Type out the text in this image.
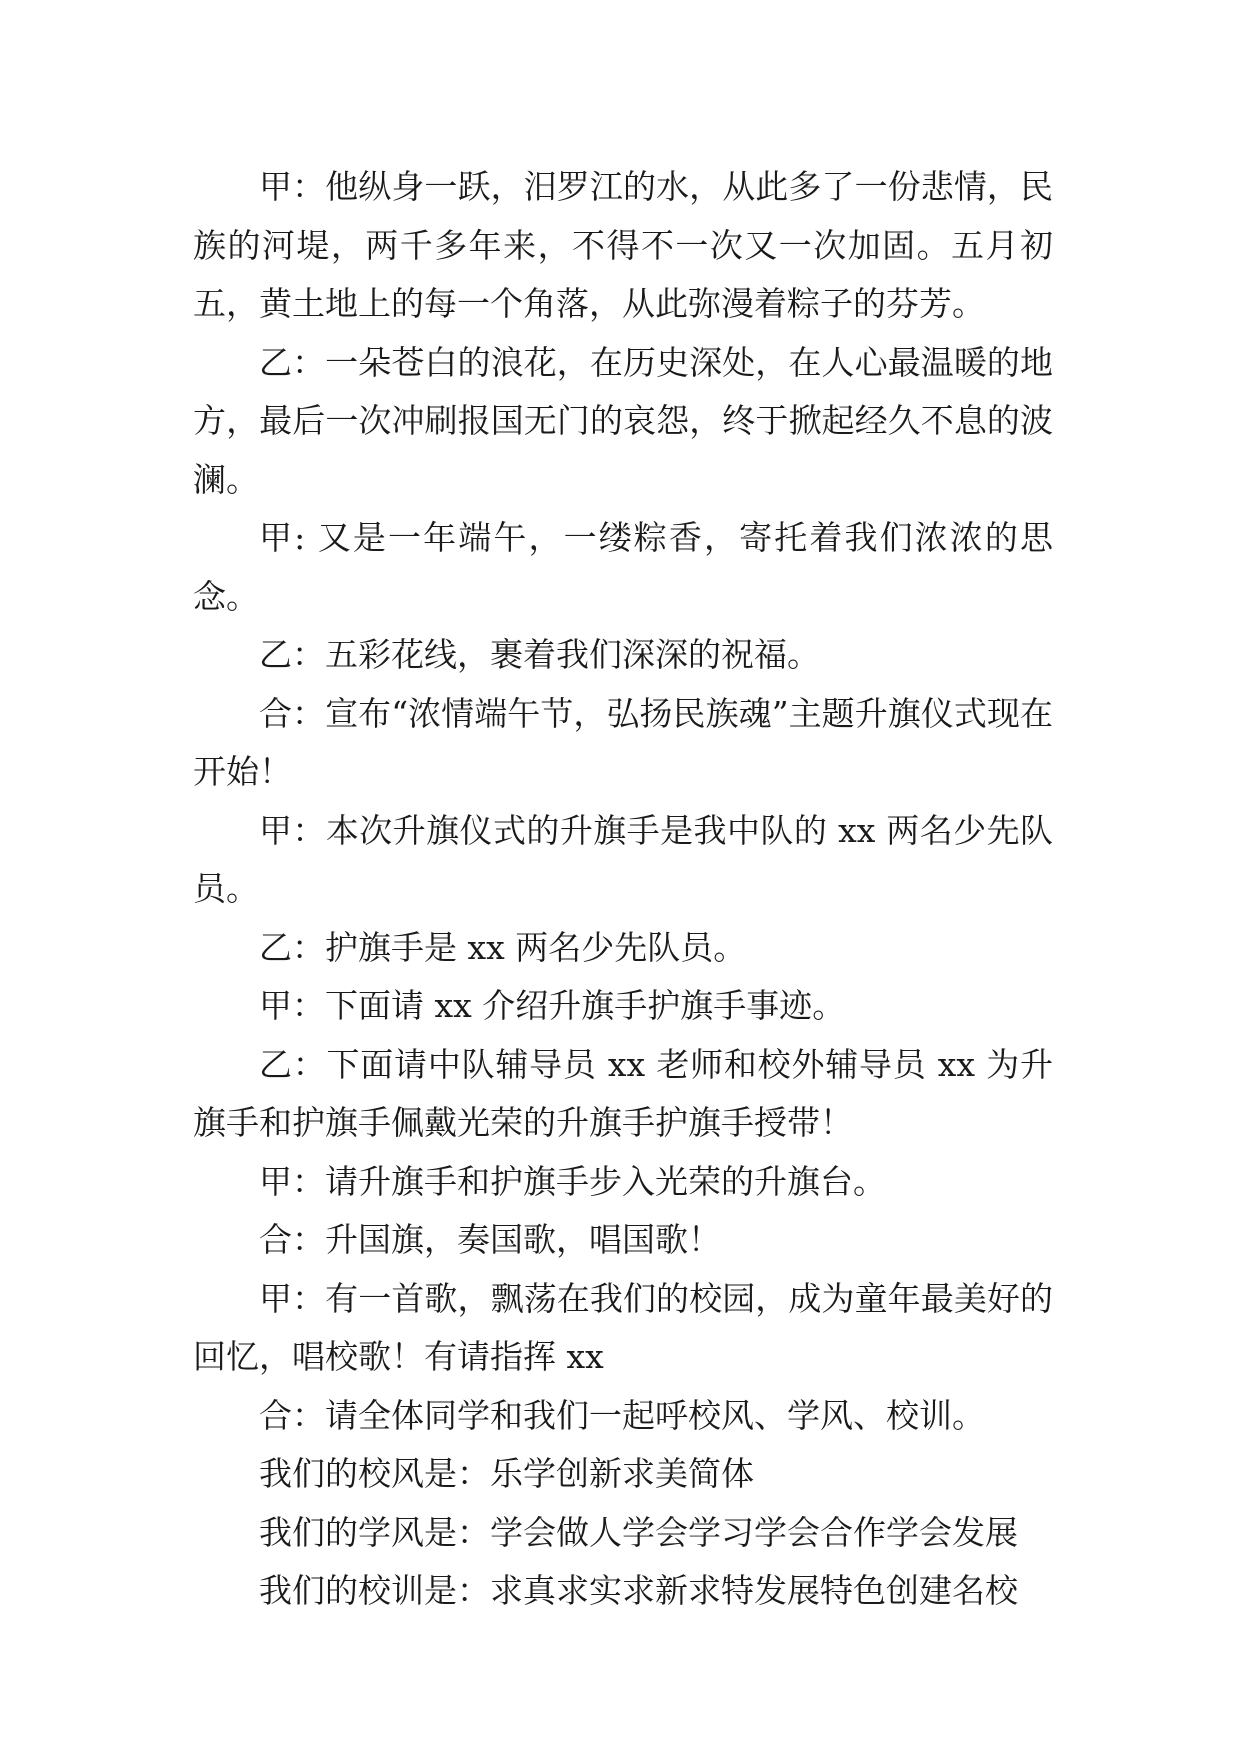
甲：他纵身一跃，汨罗江的水，从此多了一份悲情，民族的河堤，两千多年来，不得不一次又一次加固。五月初五，黄土地上的每一个角落，从此弥漫着粽子的芬芳。

乙：一朵苍白的浪花，在历史深处，在人心最温暖的地方，最后一次冲刷报国无门的哀怨，终于掀起经久不息的波澜。

甲: 又是一年端午，一缕粽香，寄托着我们浓浓的思念。

乙：五彩花线，裹着我们深深的祝福。

合：宣布“浓情端午节，弘扬民族魂”主题升旗仪式现在开始！

甲：本次升旗仪式的升旗手是我中队的 xx 两名少先队员。

乙：护旗手是 xx 两名少先队员。

甲：下面请 xx 介绍升旗手护旗手事迹。

乙：下面请中队辅导员 xx 老师和校外辅导员 xx 为升旗手和护旗手佩戴光荣的升旗手护旗手授带！

甲：请升旗手和护旗手步入光荣的升旗台。

合：升国旗，奏国歌，唱国歌！

甲：有一首歌，飘荡在我们的校园，成为童年最美好的回忆，唱校歌！有请指挥 xx

合：请全体同学和我们一起呼校风、学风、校训。

我们的校风是：乐学创新求美简体

我们的学风是：学会做人学会学习学会合作学会发展

我们的校训是：求真求实求新求特发展特色创建名校
